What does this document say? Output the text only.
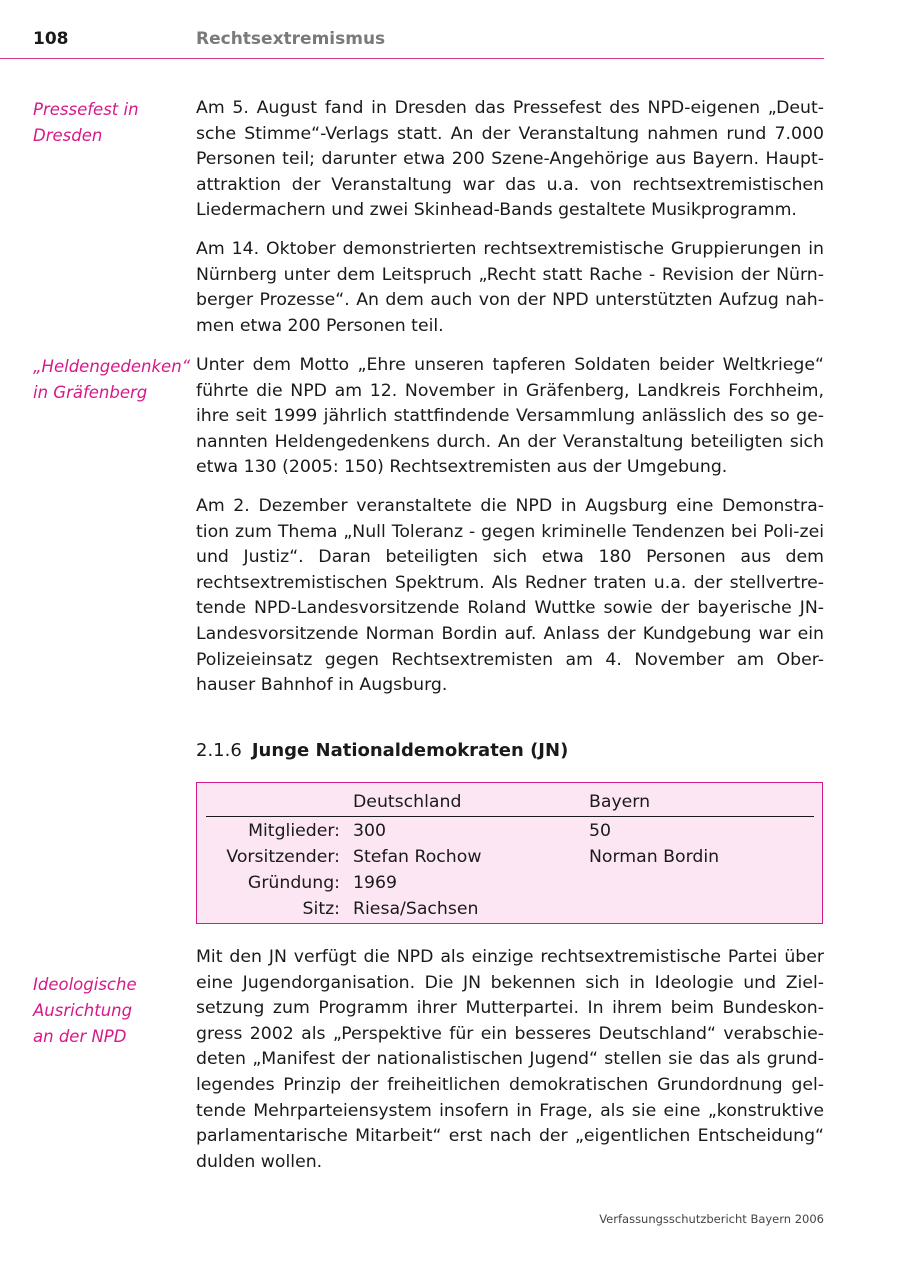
108	Rechtsextremismus
Pressefest in
Dresden
„Heldengedenken“
in Gräfenberg
Ideologische
Ausrichtung
an der NPD

Am 5. August fand in Dresden das Pressefest des NPD-eigenen „Deut-sche Stimme“-Verlags statt. An der Veranstaltung nahmen rund 7.000 Personen teil; darunter etwa 200 Szene-Angehörige aus Bayern. Haupt-attraktion der Veranstaltung war das u.a. von rechtsextremistischen Liedermachern und zwei Skinhead-Bands gestaltete Musikprogramm.

Am 14. Oktober demonstrierten rechtsextremistische Gruppierungen in Nürnberg unter dem Leitspruch „Recht statt Rache - Revision der Nürn-berger Prozesse“. An dem auch von der NPD unterstützten Aufzug nah-men etwa 200 Personen teil.

Unter dem Motto „Ehre unseren tapferen Soldaten beider Weltkriege“ führte die NPD am 12. November in Gräfenberg, Landkreis Forchheim, ihre seit 1999 jährlich stattfindende Versammlung anlässlich des so ge-nannten Heldengedenkens durch. An der Veranstaltung beteiligten sich etwa 130 (2005: 150) Rechtsextremisten aus der Umgebung.

Am 2. Dezember veranstaltete die NPD in Augsburg eine Demonstra-tion zum Thema „Null Toleranz - gegen kriminelle Tendenzen bei Poli-zei und Justiz“. Daran beteiligten sich etwa 180 Personen aus dem rechtsextremistischen Spektrum. Als Redner traten u.a. der stellvertre-tende NPD-Landesvorsitzende Roland Wuttke sowie der bayerische JN-Landesvorsitzende Norman Bordin auf. Anlass der Kundgebung war ein Polizeieinsatz gegen Rechtsextremisten am 4. November am Ober-hauser Bahnhof in Augsburg.

2.1.6 Junge Nationaldemokraten (JN)
Deutschland	Bayern
Mitglieder: 300	50
Vorsitzender: Stefan Rochow	Norman Bordin
Gründung: 1969
Sitz: Riesa/Sachsen

Mit den JN verfügt die NPD als einzige rechtsextremistische Partei über eine Jugendorganisation. Die JN bekennen sich in Ideologie und Ziel-setzung zum Programm ihrer Mutterpartei. In ihrem beim Bundeskon-gress 2002 als „Perspektive für ein besseres Deutschland“ verabschie-deten „Manifest der nationalistischen Jugend“ stellen sie das als grund-legendes Prinzip der freiheitlichen demokratischen Grundordnung gel-tende Mehrparteiensystem insofern in Frage, als sie eine „konstruktive parlamentarische Mitarbeit“ erst nach der „eigentlichen Entscheidung“ dulden wollen.

Verfassungsschutzbericht Bayern 2006
